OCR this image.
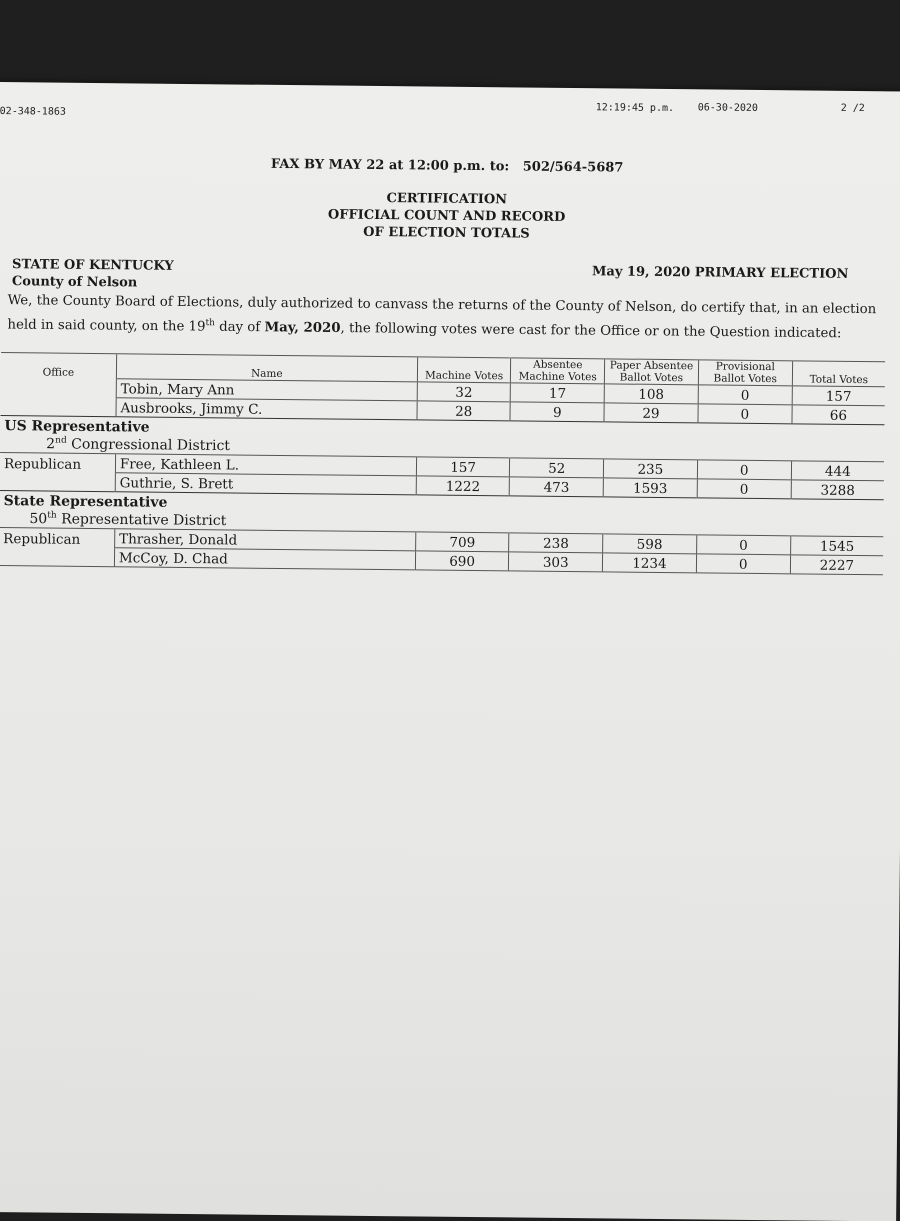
02-348-1863	12:19:45 p.m. 06-30-2020	2 /2
FAX BY MAY 22 at 12:00 p.m. to:   502/564-5687
CERTIFICATION
OFFICIAL COUNT AND RECORD
OF ELECTION TOTALS
STATE OF KENTUCKY
County of Nelson
May 19, 2020 PRIMARY ELECTION
We, the County Board of Elections, duly authorized to canvass the returns of the County of Nelson, do certify that, in an election held in said county, on the 19th day of May, 2020, the following votes were cast for the Office or on the Question indicated:
Office	Name	Machine Votes	Absentee Machine Votes	Paper Absentee Ballot Votes	Provisional Ballot Votes	Total Votes
	Tobin, Mary Ann	32	17	108	0	157
	Ausbrooks, Jimmy C.	28	9	29	0	66
US Representative						
2nd Congressional District						
Republican	Free, Kathleen L.	157	52	235	0	444
	Guthrie, S. Brett	1222	473	1593	0	3288
State Representative						
50th Representative District						
Republican	Thrasher, Donald	709	238	598	0	1545
	McCoy, D. Chad	690	303	1234	0	2227
